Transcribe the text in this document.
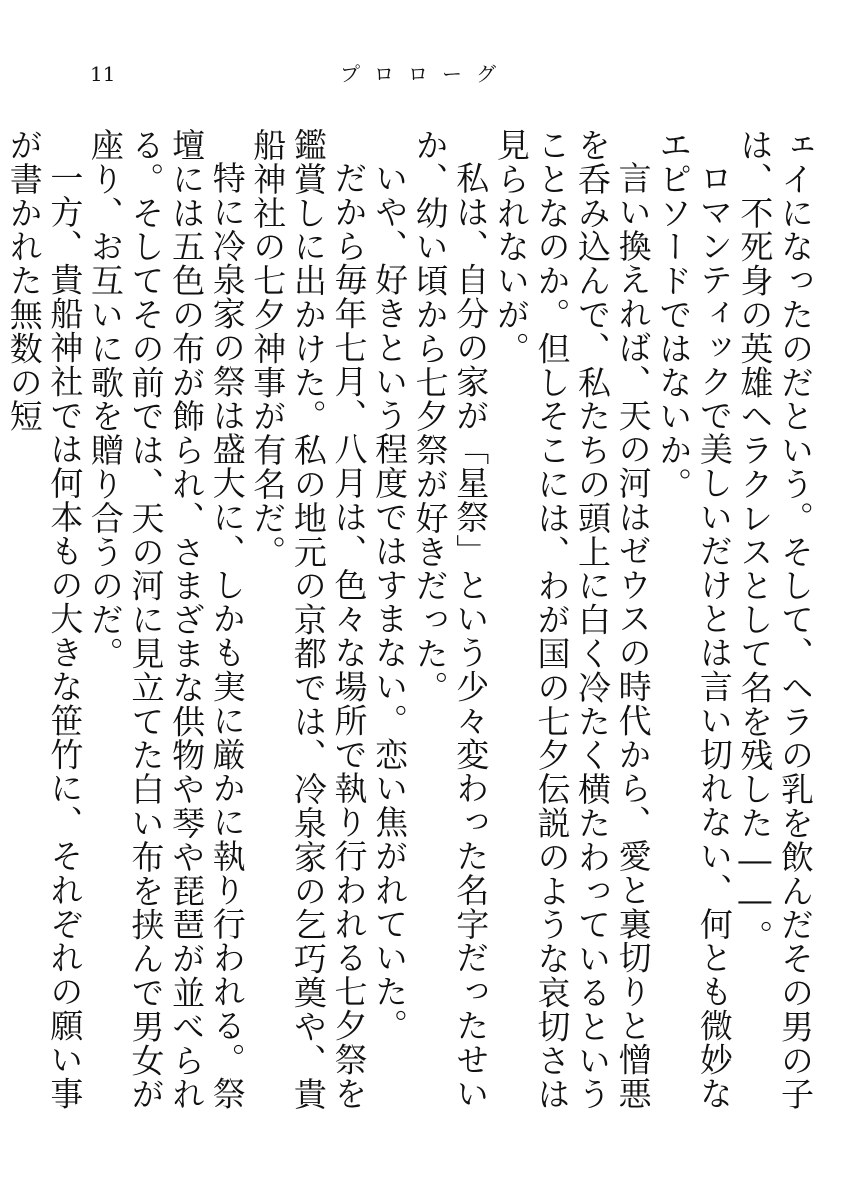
11	プロローグ

ェイになったのだという。そして、ヘラの乳を飲んだその男の子は、不死身の英雄ヘラクレスとして名を残した――。

ロマンティックで美しいだけとは言い切れない、何とも微妙なエピソードではないか。

言い換えれば、天の河はゼウスの時代から、愛と裏切りと憎悪を呑み込んで、私たちの頭上に白く冷たく横たわっているということなのか。但しそこには、わが国の七夕伝説のような哀切さは見られないが。

私は、自分の家が「星祭」という少々変わった名字だったせいか、幼い頃から七夕祭が好きだった。

いや、好きという程度ではすまない。恋い焦がれていた。

だから毎年七月、八月は、色々な場所で執り行われる七夕祭を鑑賞しに出かけた。私の地元の京都では、冷泉家の乞巧奠や、貴船神社の七夕神事が有名だ。

特に冷泉家の祭は盛大に、しかも実に厳かに執り行われる。祭壇には五色の布が飾られ、さまざまな供物や琴や琵琶が並べられる。そしてその前では、天の河に見立てた白い布を挟んで男女が座り、お互いに歌を贈り合うのだ。

一方、貴船神社では何本もの大きな笹竹に、それぞれの願い事が書かれた無数の短
